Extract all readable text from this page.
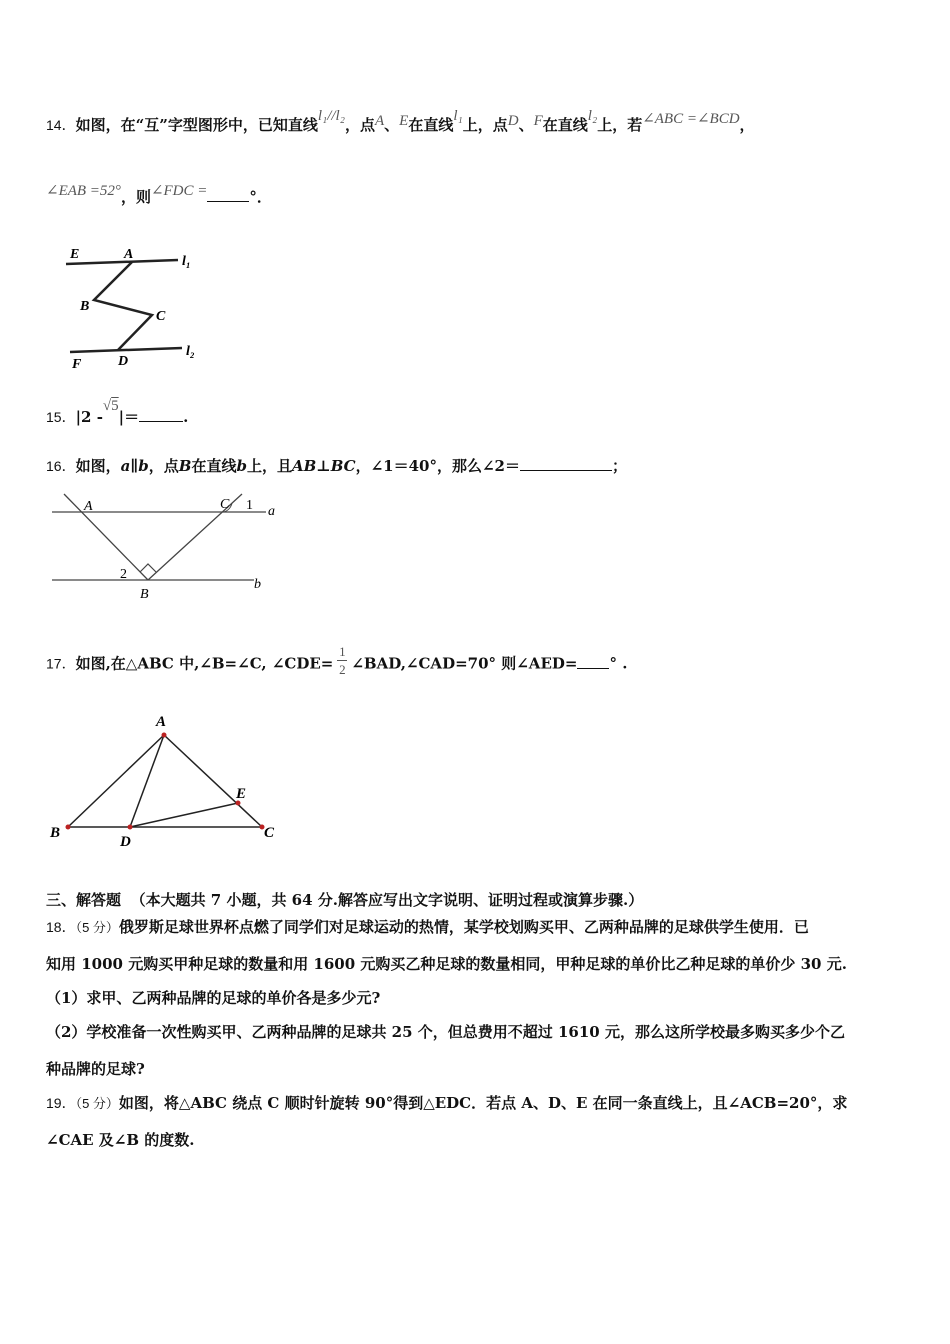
14．如图，在“互”字型图形中，已知直线l₁//l₂，点A、E在直线l₁上，点D、F在直线l₂上，若∠ABC =∠BCD，
∠EAB =52°，则∠FDC =	°．
E	A	l₁
B
C
F	D
l₂
15．|2 -√5|＝	.
16．如图，a∥b，点B在直线b上，且AB⊥BC，∠1＝40°，那么∠2＝	；
A	C 1 a
2
B
b
17．如图,在△ABC 中,∠B=∠C, ∠CDE= $\frac{1}{2}$ ∠BAD,∠CAD=70° 则∠AED= ° .
A
B	C
D
E
三、解答题 （本大题共 7 小题，共 64 分.解答应写出文字说明、证明过程或演算步骤.）
18．（5 分）俄罗斯足球世界杯点燃了同学们对足球运动的热情，某学校划购买甲、乙两种品牌的足球供学生使用．已
知用 1000 元购买甲种足球的数量和用 1600 元购买乙种足球的数量相同，甲种足球的单价比乙种足球的单价少 30 元.
（1）求甲、乙两种品牌的足球的单价各是多少元?
（2）学校准备一次性购买甲、乙两种品牌的足球共 25 个，但总费用不超过 1610 元，那么这所学校最多购买多少个乙
种品牌的足球?
19．（5 分）如图，将△ABC 绕点 C 顺时针旋转 90°得到△EDC．若点 A、D、E 在同一条直线上，且∠ACB=20°，求
∠CAE 及∠B 的度数.
